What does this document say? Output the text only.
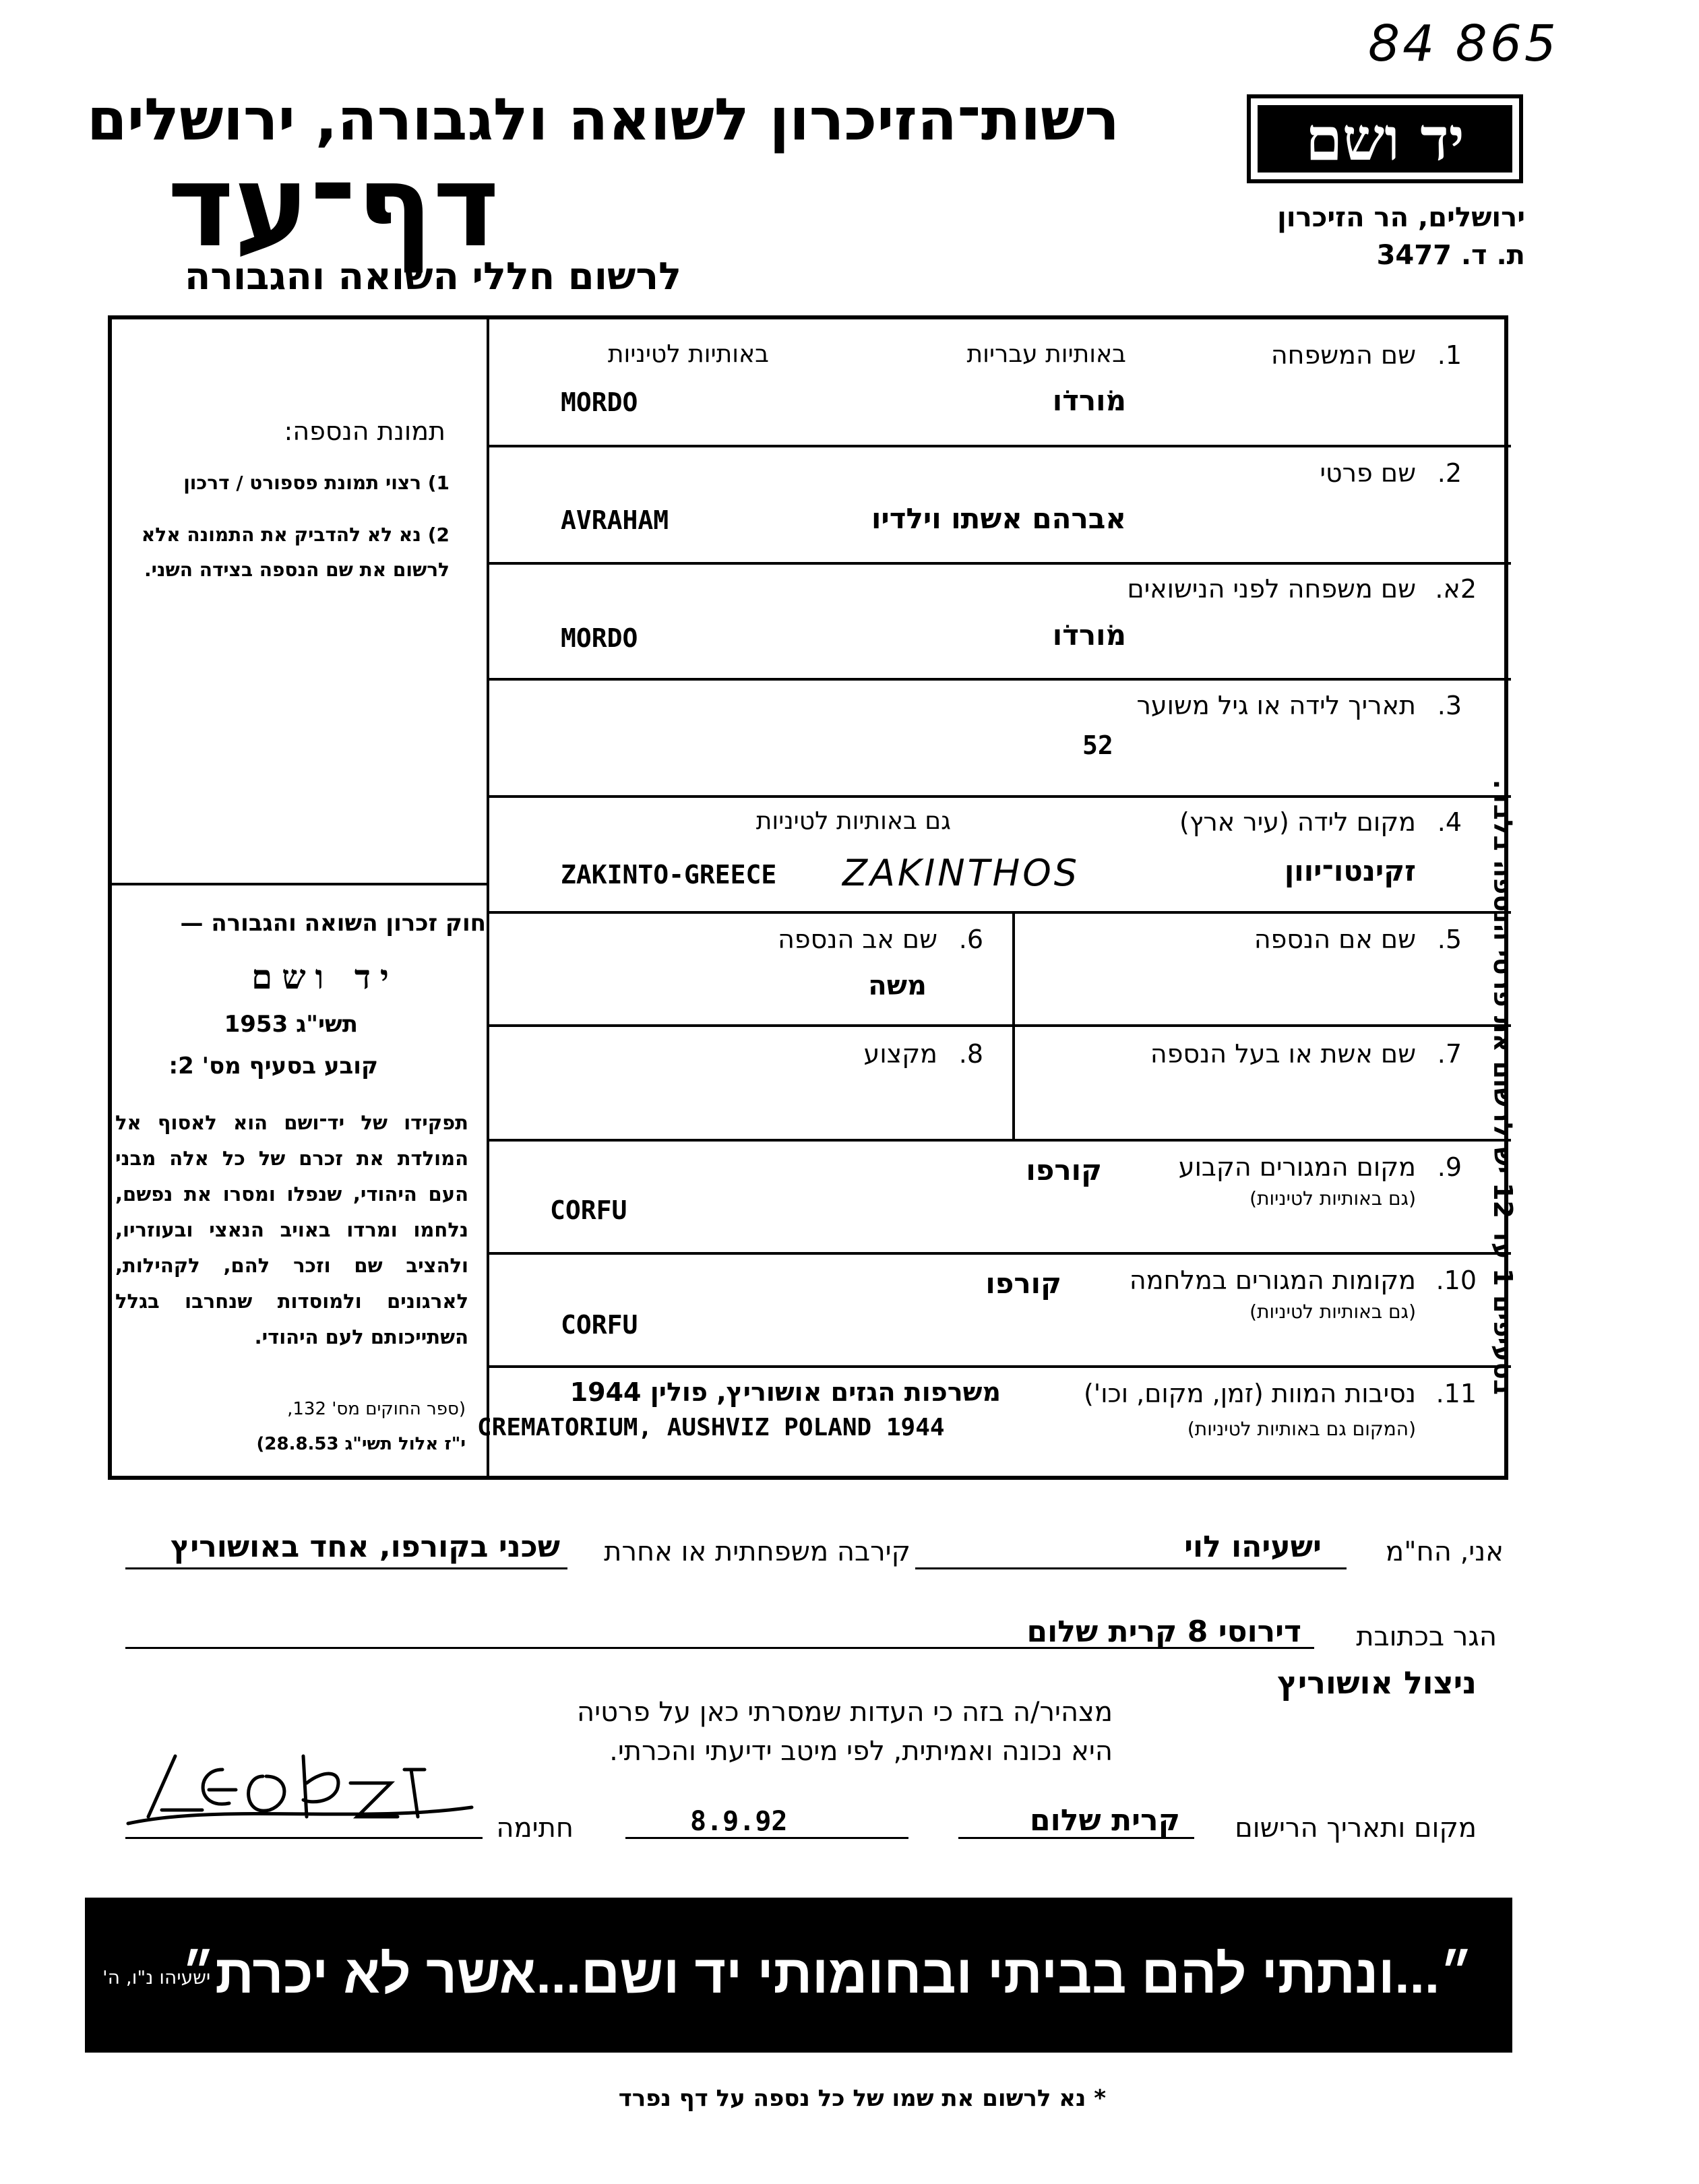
84 865
רשות־הזיכרון לשואה ולגבורה, ירושלים
דף־עד
לרשום חללי השואה והגבורה
יד ושם
ירושלים, הר הזיכרון
ת. ד. 3477
בסעיפים 1 עד 12 יש לרשום את פרטי הנספה בלבד.
תמונת הנספה:
1) רצוי תמונת פספורט / דרכון
2) נא לא להדביק את התמונה אלא לרשום את שם הנספה בצידה השני.
חוק זכרון השואה והגבורה —
יד ושם
תשי"ג 1953
קובע בסעיף מס' 2:
תפקידו של יד־ושם הוא לאסוף אל המולדת את זכרם של כל אלה מבני העם היהודי, שנפלו ומסרו את נפשם, נלחמו ומרדו באויב הנאצי ובעוזריו, ולהציב שם וזכר להם, לקהילות, לארגונים ולמוסדות שנחרבו בגלל השתייכותם לעם היהודי.
(ספר החוקים מס' 132,
י"ז אלול תשי"ג 28.8.53)
.1
שם המשפחה
באותיות עבריות
באותיות לטיניות
מׂורדׂו
MORDO
.2
שם פרטי
אברהם אשתו וילדיו
AVRAHAM
2א.
שם משפחה לפני הנישואים
מׂורדׂו
MORDO
.3
תאריך לידה או גיל משוער
52
.4
מקום לידה (עיר ארץ)
גם באותיות לטיניות
זקינטו־יוון
ZAKINTO-GREECE ZAKINTHOS
.5
שם אם הנספה
.6
שם אב הנספה
משה
.7
שם אשת או בעל הנספה
.8
מקצוע
.9
מקום המגורים הקבוע
(גם באותיות לטיניות)
קורפו
CORFU
.10
מקומות המגורים במלחמה
(גם באותיות לטיניות)
קורפו
CORFU
.11
נסיבות המוות (זמן, מקום, וכו')
(המקום גם באותיות לטיניות)
משרפות הגזים אושוריץ, פולין 1944
CREMATORIUM, AUSHVIZ POLAND 1944
אני, הח"מ
ישעיהו לוי
קירבה משפחתית או אחרת
שכני בקורפו, אחד באושוריץ
הגר בכתובת
דירוסי 8 קרית שלום
ניצול אושוריץ
מצהיר/ה בזה כי העדות שמסרתי כאן על פרטיה
היא נכונה ואמיתית, לפי מיטב ידיעתי והכרתי.
מקום ותאריך הרישום
קרית שלום
8.9.92
חתימה
״...ונתתי להם בביתי ובחומותי יד ושם...אשר לא יכרת״
ישעיהו נ"ו, ה'
* נא לרשום את שמו של כל נספה על דף נפרד
